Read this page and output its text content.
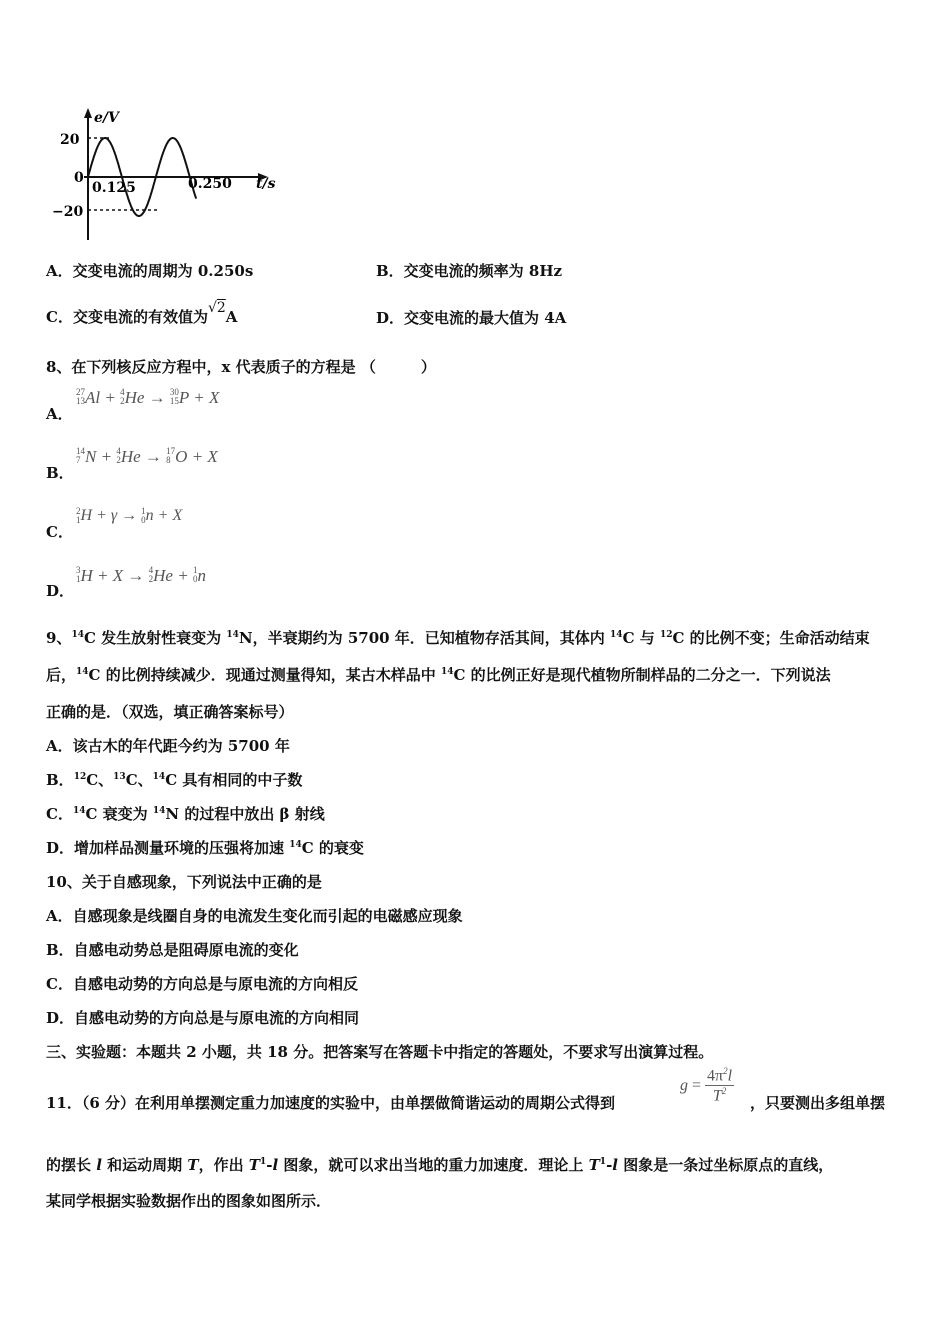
e/V
20
0
−20
0.125	0.250 t/s
A．交变电流的周期为 0.250s	B．交变电流的频率为 8Hz
C．交变电流的有效值为√2A	D．交变电流的最大值为 4A
8、在下列核反应方程中，x 代表质子的方程是 （　　　）
A．
27
13 Al + 4
2 He → 30
15 P + X
B．
14
7 N + 4
2 He → 17
8 O + X
C．
2
1 H + γ → 1
0 n + X
D．
3
1 H + X → 4
2 He + 1
0 n
9、$^{14}$C 发生放射性衰变为 $^{14}$N，半衰期约为 5700 年．已知植物存活其间，其体内 $^{14}$C 与 $^{12}$C 的比例不变；生命活动结束
后，$^{14}$C 的比例持续减少．现通过测量得知，某古木样品中 $^{14}$C 的比例正好是现代植物所制样品的二分之一．下列说法
正确的是．（双选，填正确答案标号）
A．该古木的年代距今约为 5700 年
B．$^{12}$C、$^{13}$C、$^{14}$C 具有相同的中子数
C．$^{14}$C 衰变为 $^{14}$N 的过程中放出 β 射线
D．增加样品测量环境的压强将加速 $^{14}$C 的衰变
10、关于自感现象，下列说法中正确的是
A．自感现象是线圈自身的电流发生变化而引起的电磁感应现象
B．自感电动势总是阻碍原电流的变化
C．自感电动势的方向总是与原电流的方向相反
D．自感电动势的方向总是与原电流的方向相同
三、实验题：本题共 2 小题，共 18 分。把答案写在答题卡中指定的答题处，不要求写出演算过程。
11．（6 分）在利用单摆测定重力加速度的实验中，由单摆做简谐运动的周期公式得到
$g = \frac{4\pi^2l}{T^2}$ ，只要测出多组单摆
的摆长 l 和运动周期 T，作出 $T^1-l$ 图象，就可以求出当地的重力加速度．理论上 $T^1-l$ 图象是一条过坐标原点的直线，
某同学根据实验数据作出的图象如图所示．
